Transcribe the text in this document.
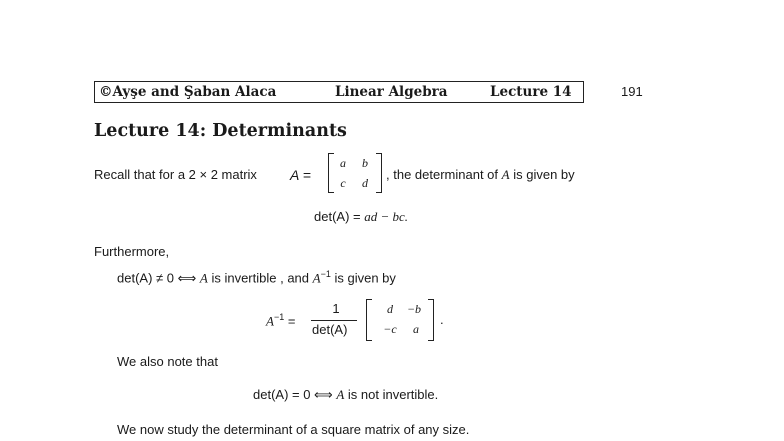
©Ayşe and Şaban Alaca	Linear Algebra	Lecture 14	191
Lecture 14: Determinants
Recall that for a 2 × 2 matrix A =
a b
c d
, the determinant of A is given by
det(A) = ad − bc.
Furthermore,
det(A) ≠ 0 ⟺ A is invertible , and $A^{-1}$ is given by
$A^{-1}$ =
1
det(A)
d	−b
−c	a
.
We also note that
det(A) = 0 ⟺ A is not invertible.
We now study the determinant of a square matrix of any size.
